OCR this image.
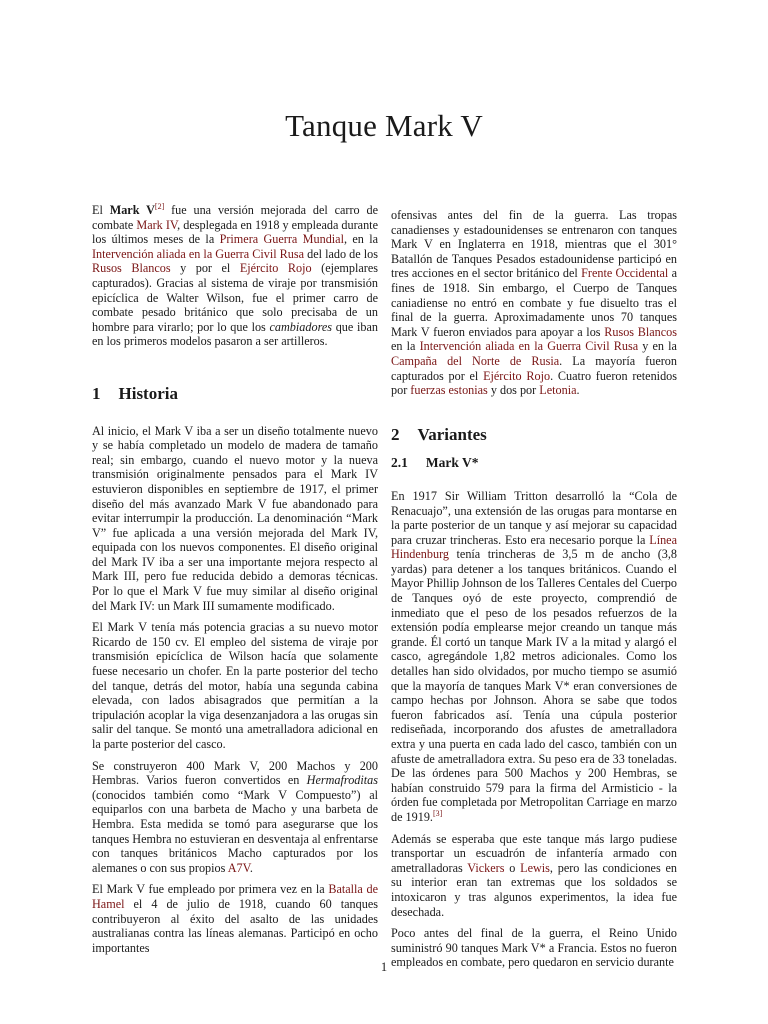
Tanque Mark V

El Mark V[2] fue una versión mejorada del carro de combate Mark IV, desplegada en 1918 y empleada durante los últimos meses de la Primera Guerra Mundial, en la Intervención aliada en la Guerra Civil Rusa del lado de los Rusos Blancos y por el Ejército Rojo (ejemplares capturados). Gracias al sistema de viraje por transmisión epicíclica de Walter Wilson, fue el primer carro de combate pesado británico que solo precisaba de un hombre para virarlo; por lo que los cambiadores que iban en los primeros modelos pasaron a ser artilleros.

1 Historia

Al inicio, el Mark V iba a ser un diseño totalmente nuevo y se había completado un modelo de madera de tamaño real; sin embargo, cuando el nuevo motor y la nueva transmisión originalmente pensados para el Mark IV estuvieron disponibles en septiembre de 1917, el primer diseño del más avanzado Mark V fue abandonado para evitar interrumpir la producción. La denominación “Mark V” fue aplicada a una versión mejorada del Mark IV, equipada con los nuevos componentes. El diseño original del Mark IV iba a ser una importante mejora respecto al Mark III, pero fue reducida debido a demoras técnicas. Por lo que el Mark V fue muy similar al diseño original del Mark IV: un Mark III sumamente modificado.

El Mark V tenía más potencia gracias a su nuevo motor Ricardo de 150 cv. El empleo del sistema de viraje por transmisión epicíclica de Wilson hacía que solamente fuese necesario un chofer. En la parte posterior del techo del tanque, detrás del motor, había una segunda cabina elevada, con lados abisagrados que permitían a la tripulación acoplar la viga desenzanjadora a las orugas sin salir del tanque. Se montó una ametralladora adicional en la parte posterior del casco.

Se construyeron 400 Mark V, 200 Machos y 200 Hembras. Varios fueron convertidos en Hermafroditas (conocidos también como “Mark V Compuesto”) al equiparlos con una barbeta de Macho y una barbeta de Hembra. Esta medida se tomó para asegurarse que los tanques Hembra no estuvieran en desventaja al enfrentarse con tanques británicos Macho capturados por los alemanes o con sus propios A7V.

El Mark V fue empleado por primera vez en la Batalla de Hamel el 4 de julio de 1918, cuando 60 tanques contribuyeron al éxito del asalto de las unidades australianas contra las líneas alemanas. Participó en ocho importantes

ofensivas antes del fin de la guerra. Las tropas canadienses y estadounidenses se entrenaron con tanques Mark V en Inglaterra en 1918, mientras que el 301° Batallón de Tanques Pesados estadounidense participó en tres acciones en el sector británico del Frente Occidental a fines de 1918. Sin embargo, el Cuerpo de Tanques caniadiense no entró en combate y fue disuelto tras el final de la guerra. Aproximadamente unos 70 tanques Mark V fueron enviados para apoyar a los Rusos Blancos en la Intervención aliada en la Guerra Civil Rusa y en la Campaña del Norte de Rusia. La mayoría fueron capturados por el Ejército Rojo. Cuatro fueron retenidos por fuerzas estonias y dos por Letonia.

2 Variantes
2.1 Mark V*

En 1917 Sir William Tritton desarrolló la “Cola de Renacuajo”, una extensión de las orugas para montarse en la parte posterior de un tanque y así mejorar su capacidad para cruzar trincheras. Esto era necesario porque la Línea Hindenburg tenía trincheras de 3,5 m de ancho (3,8 yardas) para detener a los tanques británicos. Cuando el Mayor Phillip Johnson de los Talleres Centales del Cuerpo de Tanques oyó de este proyecto, comprendió de inmediato que el peso de los pesados refuerzos de la extensión podía emplearse mejor creando un tanque más grande. Él cortó un tanque Mark IV a la mitad y alargó el casco, agregándole 1,82 metros adicionales. Como los detalles han sido olvidados, por mucho tiempo se asumió que la mayoría de tanques Mark V* eran conversiones de campo hechas por Johnson. Ahora se sabe que todos fueron fabricados así. Tenía una cúpula posterior rediseñada, incorporando dos afustes de ametralladora extra y una puerta en cada lado del casco, también con un afuste de ametralladora extra. Su peso era de 33 toneladas. De las órdenes para 500 Machos y 200 Hembras, se habían construido 579 para la firma del Armisticio - la órden fue completada por Metropolitan Carriage en marzo de 1919.[3]

Además se esperaba que este tanque más largo pudiese transportar un escuadrón de infantería armado con ametralladoras Vickers o Lewis, pero las condiciones en su interior eran tan extremas que los soldados se intoxicaron y tras algunos experimentos, la idea fue desechada.

Poco antes del final de la guerra, el Reino Unido suministró 90 tanques Mark V* a Francia. Estos no fueron empleados en combate, pero quedaron en servicio durante

1
